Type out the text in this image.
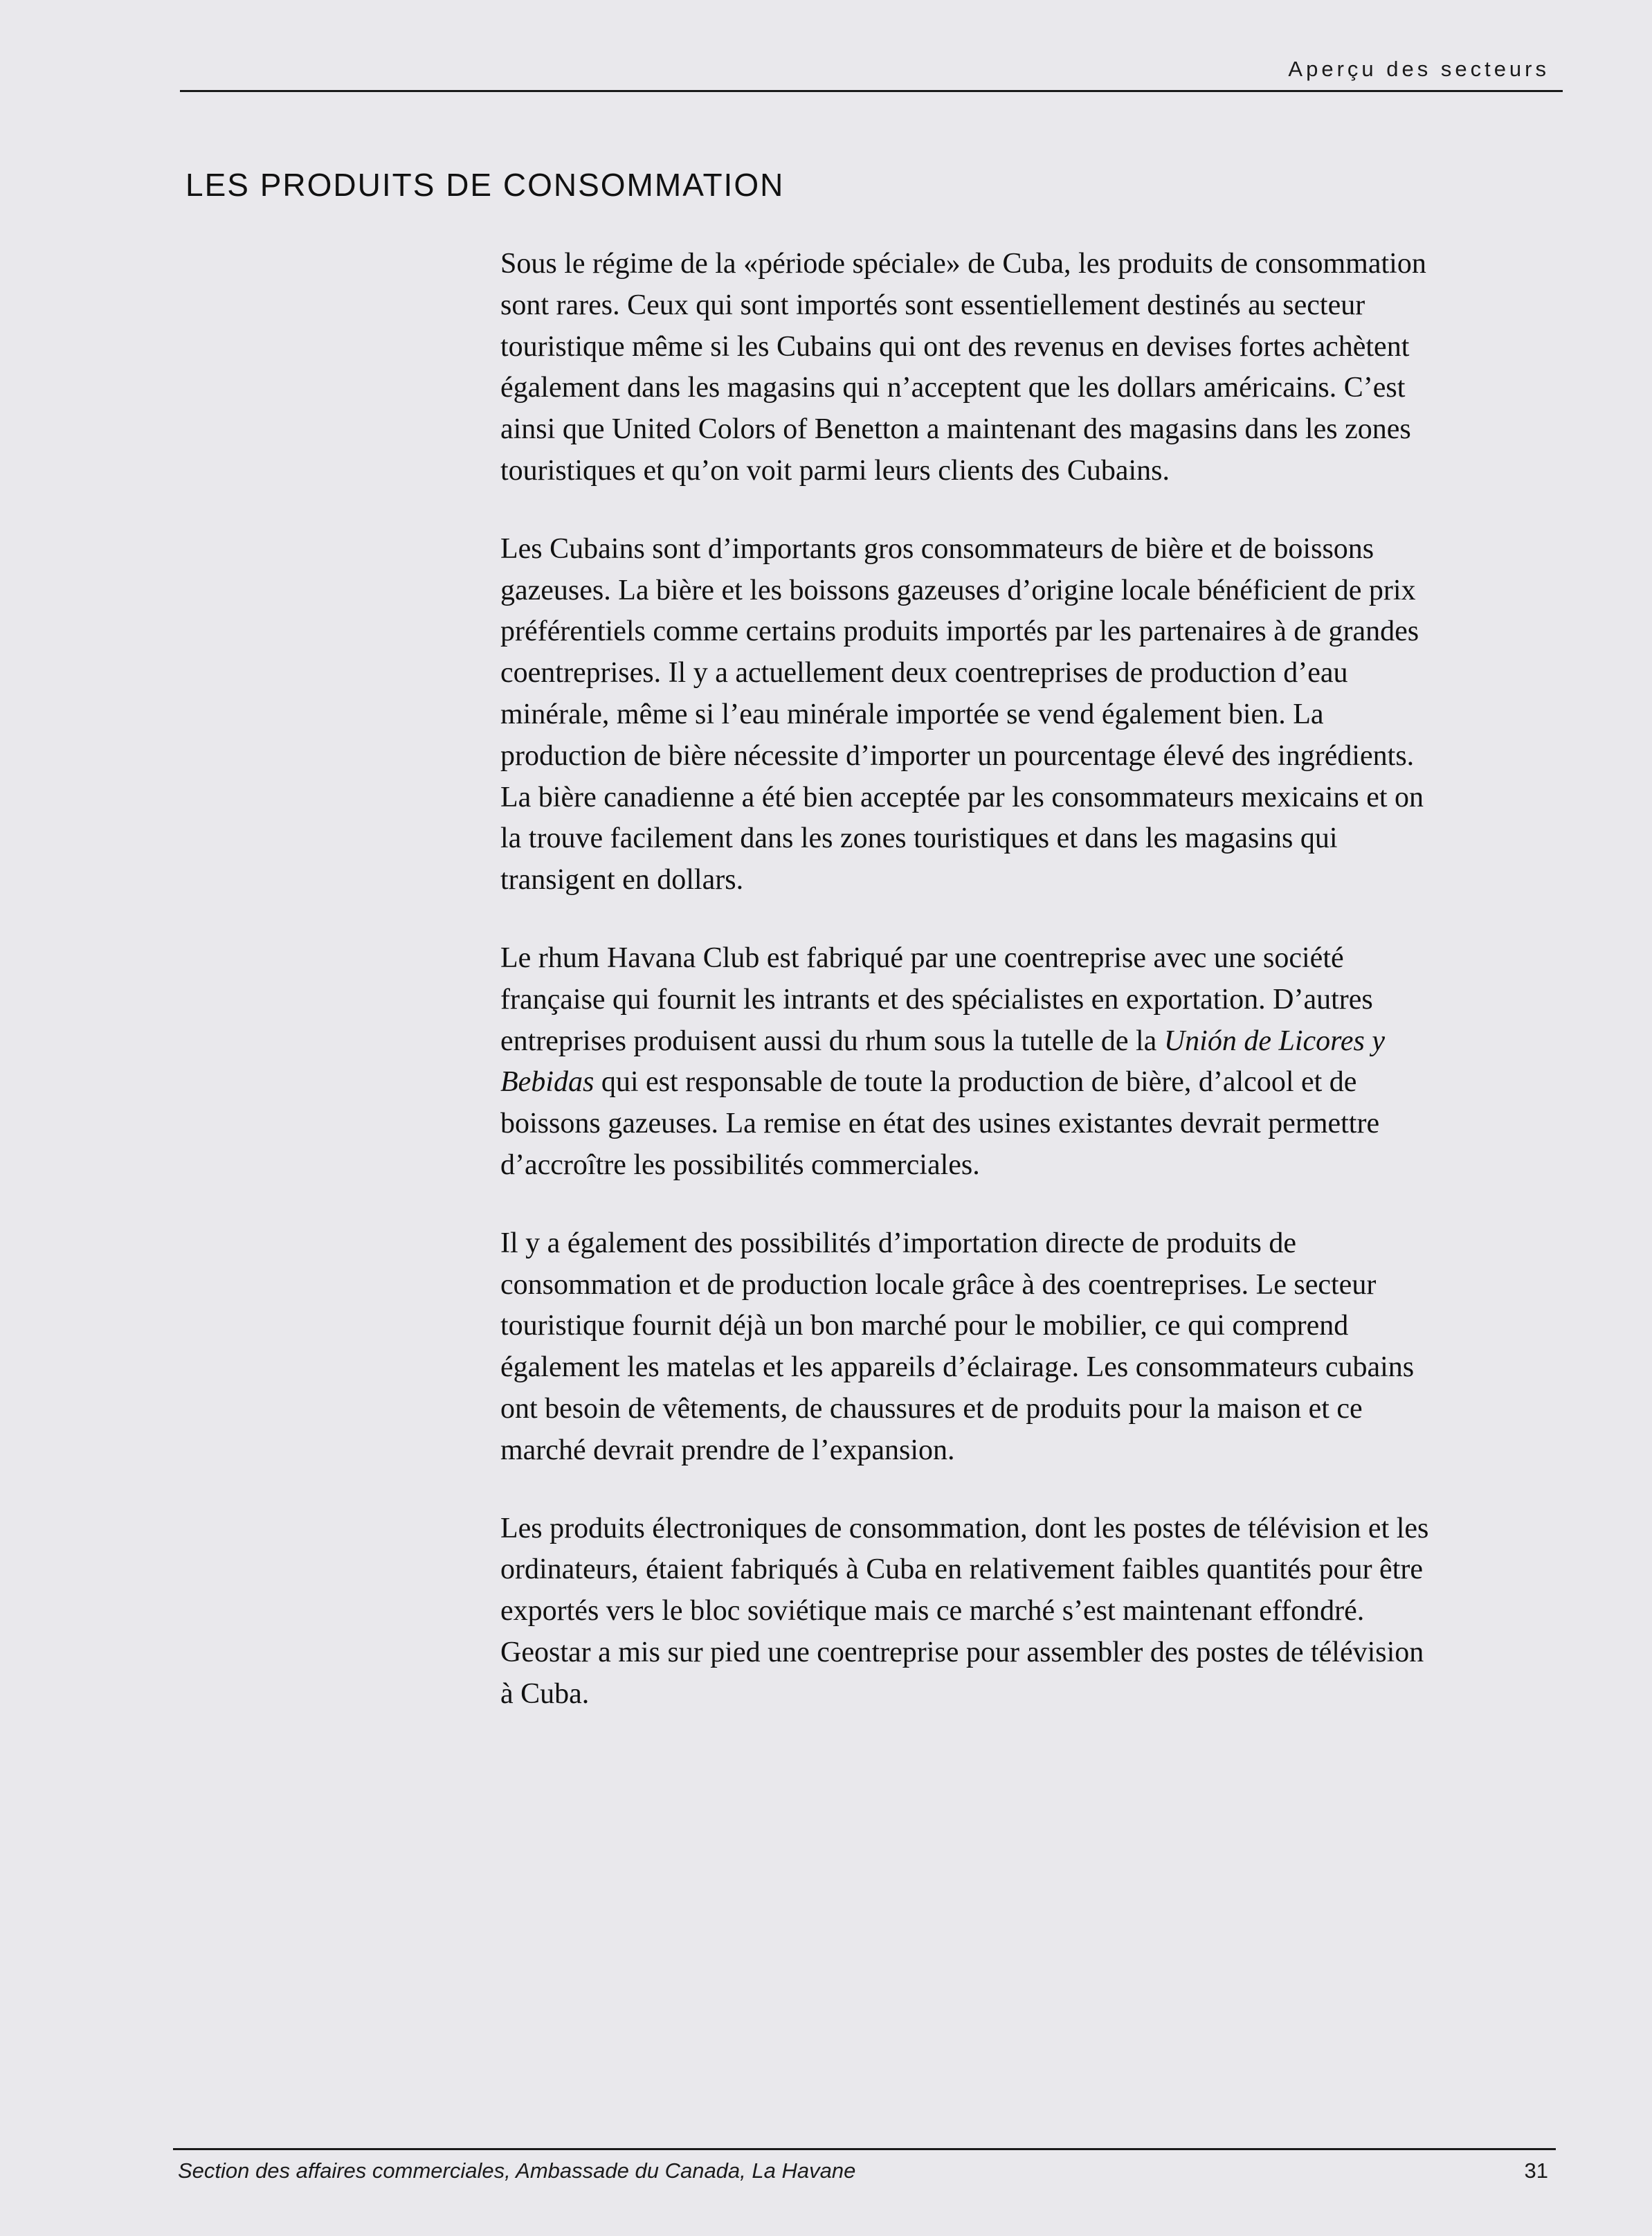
Aperçu des secteurs
LES PRODUITS DE CONSOMMATION

Sous le régime de la «période spéciale» de Cuba, les produits de consommation sont rares. Ceux qui sont importés sont essentiellement destinés au secteur touristique même si les Cubains qui ont des revenus en devises fortes achètent également dans les magasins qui n’acceptent que les dollars américains. C’est ainsi que United Colors of Benetton a maintenant des magasins dans les zones touristiques et qu’on voit parmi leurs clients des Cubains.

Les Cubains sont d’importants gros consommateurs de bière et de boissons gazeuses. La bière et les boissons gazeuses d’origine locale bénéficient de prix préférentiels comme certains produits importés par les partenaires à de grandes coentreprises. Il y a actuellement deux coentreprises de production d’eau minérale, même si l’eau minérale importée se vend également bien. La production de bière nécessite d’importer un pourcentage élevé des ingrédients. La bière canadienne a été bien acceptée par les consommateurs mexicains et on la trouve facilement dans les zones touristiques et dans les magasins qui transigent en dollars.

Le rhum Havana Club est fabriqué par une coentreprise avec une société française qui fournit les intrants et des spécialistes en exportation. D’autres entreprises produisent aussi du rhum sous la tutelle de la Unión de Licores y Bebidas qui est responsable de toute la production de bière, d’alcool et de boissons gazeuses. La remise en état des usines existantes devrait permettre d’accroître les possibilités commerciales.

Il y a également des possibilités d’importation directe de produits de consommation et de production locale grâce à des coentreprises. Le secteur touristique fournit déjà un bon marché pour le mobilier, ce qui comprend également les matelas et les appareils d’éclairage. Les consommateurs cubains ont besoin de vêtements, de chaussures et de produits pour la maison et ce marché devrait prendre de l’expansion.

Les produits électroniques de consommation, dont les postes de télévision et les ordinateurs, étaient fabriqués à Cuba en relativement faibles quantités pour être exportés vers le bloc soviétique mais ce marché s’est maintenant effondré. Geostar a mis sur pied une coentreprise pour assembler des postes de télévision à Cuba.

Section des affaires commerciales, Ambassade du Canada, La Havane	31
